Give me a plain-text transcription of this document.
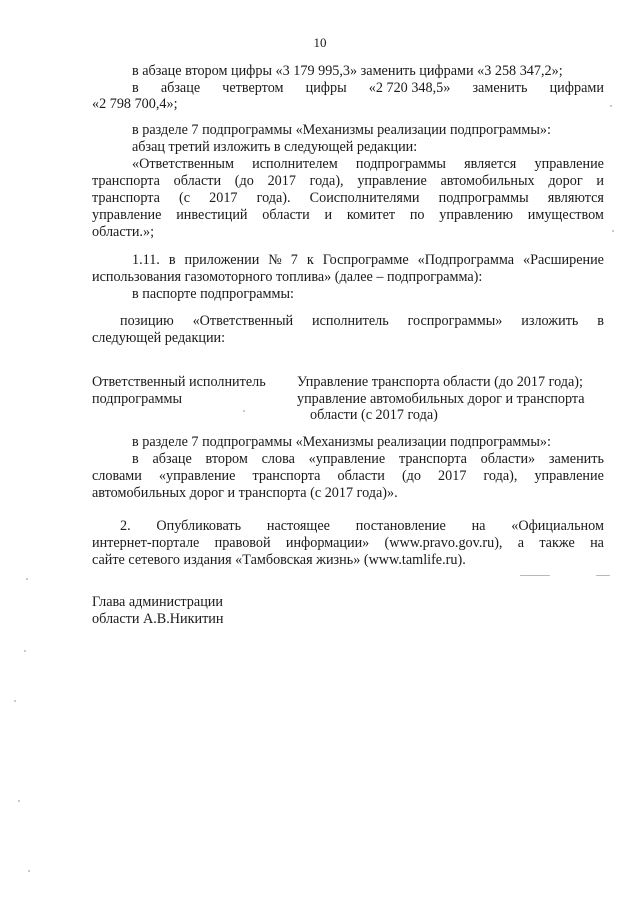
10
в абзаце втором цифры «3 179 995,3» заменить цифрами «3 258 347,2»;
в абзаце четвертом цифры «2 720 348,5» заменить цифрами
«2 798 700,4»;
в разделе 7 подпрограммы «Механизмы реализации подпрограммы»:
абзац третий изложить в следующей редакции:
«Ответственным исполнителем подпрограммы является управление
транспорта области (до 2017 года), управление автомобильных дорог и
транспорта (с 2017 года). Соисполнителями подпрограммы являются
управление инвестиций области и комитет по управлению имуществом
области.»;
1.11. в приложении № 7 к Госпрограмме «Подпрограмма «Расширение
использования газомоторного топлива» (далее – подпрограмма):
в паспорте подпрограммы:
позицию «Ответственный исполнитель госпрограммы» изложить в
следующей редакции:
Ответственный исполнитель
подпрограммы
Управление транспорта области (до 2017 года);
управление автомобильных дорог и транспорта
области (с 2017 года)
в разделе 7 подпрограммы «Механизмы реализации подпрограммы»:
в абзаце втором слова «управление транспорта области» заменить
словами «управление транспорта области (до 2017 года), управление
автомобильных дорог и транспорта (с 2017 года)».
2. Опубликовать настоящее постановление на «Официальном
интернет-портале правовой информации» (www.pravo.gov.ru), а также на
сайте сетевого издания «Тамбовская жизнь» (www.tamlife.ru).
Глава администрации
области А.В.Никитин
